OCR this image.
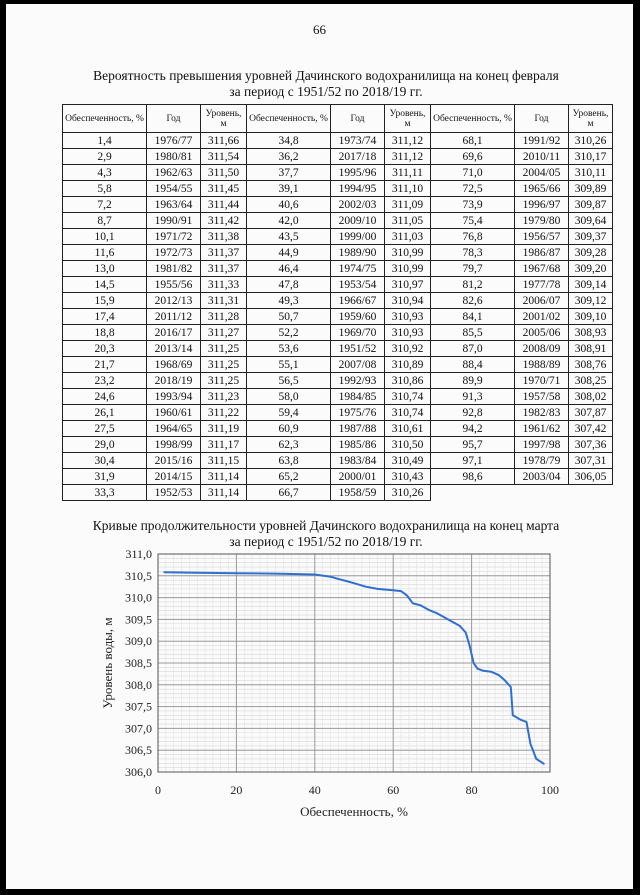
66
Вероятность превышения уровней Дачинского водохранилища на конец февраля
за период с 1951/52 по 2018/19 гг.
Обеспеченность, %	Год	Уровень, м	Обеспеченность, %	Год	Уровень, м	Обеспеченность, %	Год	Уровень, м
1,4	1976/77	311,66	34,8	1973/74	311,12	68,1	1991/92	310,26
2,9	1980/81	311,54	36,2	2017/18	311,12	69,6	2010/11	310,17
4,3	1962/63	311,50	37,7	1995/96	311,11	71,0	2004/05	310,11
5,8	1954/55	311,45	39,1	1994/95	311,10	72,5	1965/66	309,89
7,2	1963/64	311,44	40,6	2002/03	311,09	73,9	1996/97	309,87
8,7	1990/91	311,42	42,0	2009/10	311,05	75,4	1979/80	309,64
10,1	1971/72	311,38	43,5	1999/00	311,03	76,8	1956/57	309,37
11,6	1972/73	311,37	44,9	1989/90	310,99	78,3	1986/87	309,28
13,0	1981/82	311,37	46,4	1974/75	310,99	79,7	1967/68	309,20
14,5	1955/56	311,33	47,8	1953/54	310,97	81,2	1977/78	309,14
15,9	2012/13	311,31	49,3	1966/67	310,94	82,6	2006/07	309,12
17,4	2011/12	311,28	50,7	1959/60	310,93	84,1	2001/02	309,10
18,8	2016/17	311,27	52,2	1969/70	310,93	85,5	2005/06	308,93
20,3	2013/14	311,25	53,6	1951/52	310,92	87,0	2008/09	308,91
21,7	1968/69	311,25	55,1	2007/08	310,89	88,4	1988/89	308,76
23,2	2018/19	311,25	56,5	1992/93	310,86	89,9	1970/71	308,25
24,6	1993/94	311,23	58,0	1984/85	310,74	91,3	1957/58	308,02
26,1	1960/61	311,22	59,4	1975/76	310,74	92,8	1982/83	307,87
27,5	1964/65	311,19	60,9	1987/88	310,61	94,2	1961/62	307,42
29,0	1998/99	311,17	62,3	1985/86	310,50	95,7	1997/98	307,36
30,4	2015/16	311,15	63,8	1983/84	310,49	97,1	1978/79	307,31
31,9	2014/15	311,14	65,2	2000/01	310,43	98,6	2003/04	306,05
33,3	1952/53	311,14	66,7	1958/59	310,26			
Кривые продолжительности уровней Дачинского водохранилища на конец марта
за период с 1951/52 по 2018/19 гг.
306,0
306,5
307,0
307,5
308,0
308,5
309,0
309,5
310,0
310,5
311,0
0	20	40	60	80	100
Обеспеченность, %
Уровень воды, м
